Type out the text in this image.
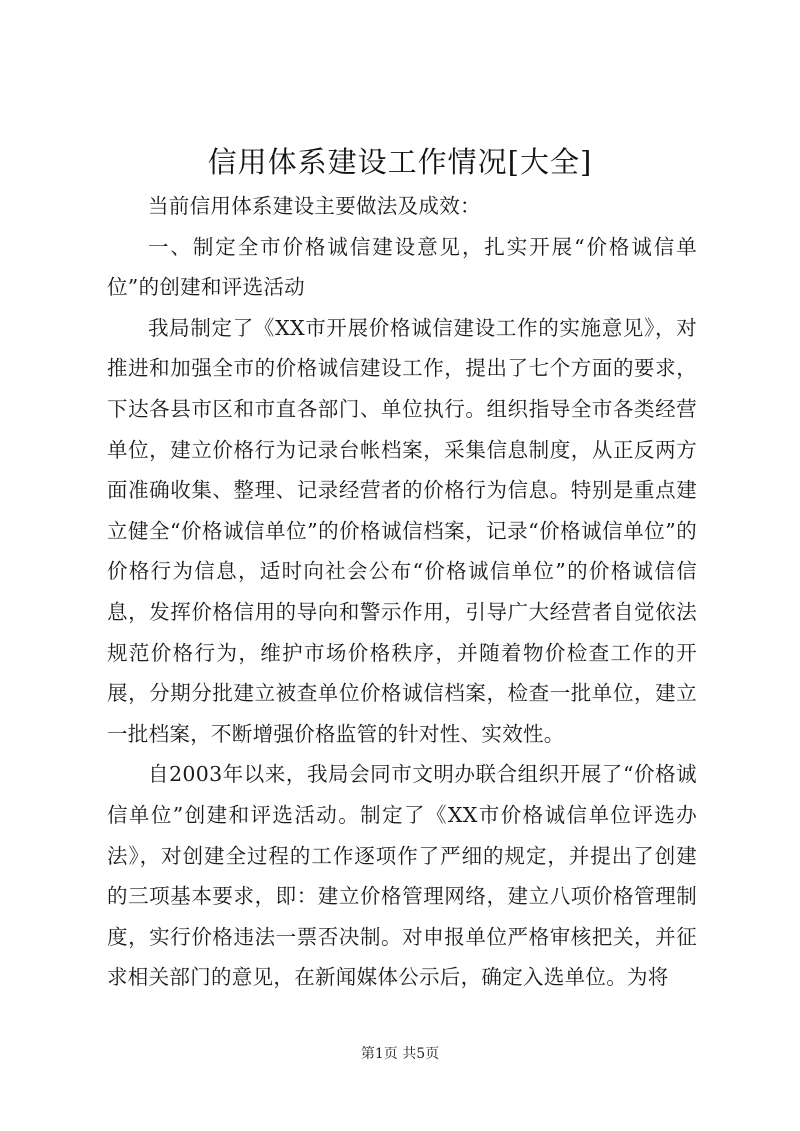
信用体系建设工作情况[大全]

当前信用体系建设主要做法及成效：

一、制定全市价格诚信建设意见，扎实开展“价格诚信单位”的创建和评选活动

我局制定了《XX市开展价格诚信建设工作的实施意见》，对推进和加强全市的价格诚信建设工作，提出了七个方面的要求，下达各县市区和市直各部门、单位执行。组织指导全市各类经营单位，建立价格行为记录台帐档案，采集信息制度，从正反两方面准确收集、整理、记录经营者的价格行为信息。特别是重点建立健全“价格诚信单位”的价格诚信档案，记录“价格诚信单位”的价格行为信息，适时向社会公布“价格诚信单位”的价格诚信信息，发挥价格信用的导向和警示作用，引导广大经营者自觉依法规范价格行为，维护市场价格秩序，并随着物价检查工作的开展，分期分批建立被查单位价格诚信档案，检查一批单位，建立一批档案，不断增强价格监管的针对性、实效性。

自2003年以来，我局会同市文明办联合组织开展了“价格诚信单位”创建和评选活动。制定了《XX市价格诚信单位评选办法》，对创建全过程的工作逐项作了严细的规定，并提出了创建的三项基本要求，即：建立价格管理网络，建立八项价格管理制度，实行价格违法一票否决制。对申报单位严格审核把关，并征求相关部门的意见，在新闻媒体公示后，确定入选单位。为将

第1页 共5页
